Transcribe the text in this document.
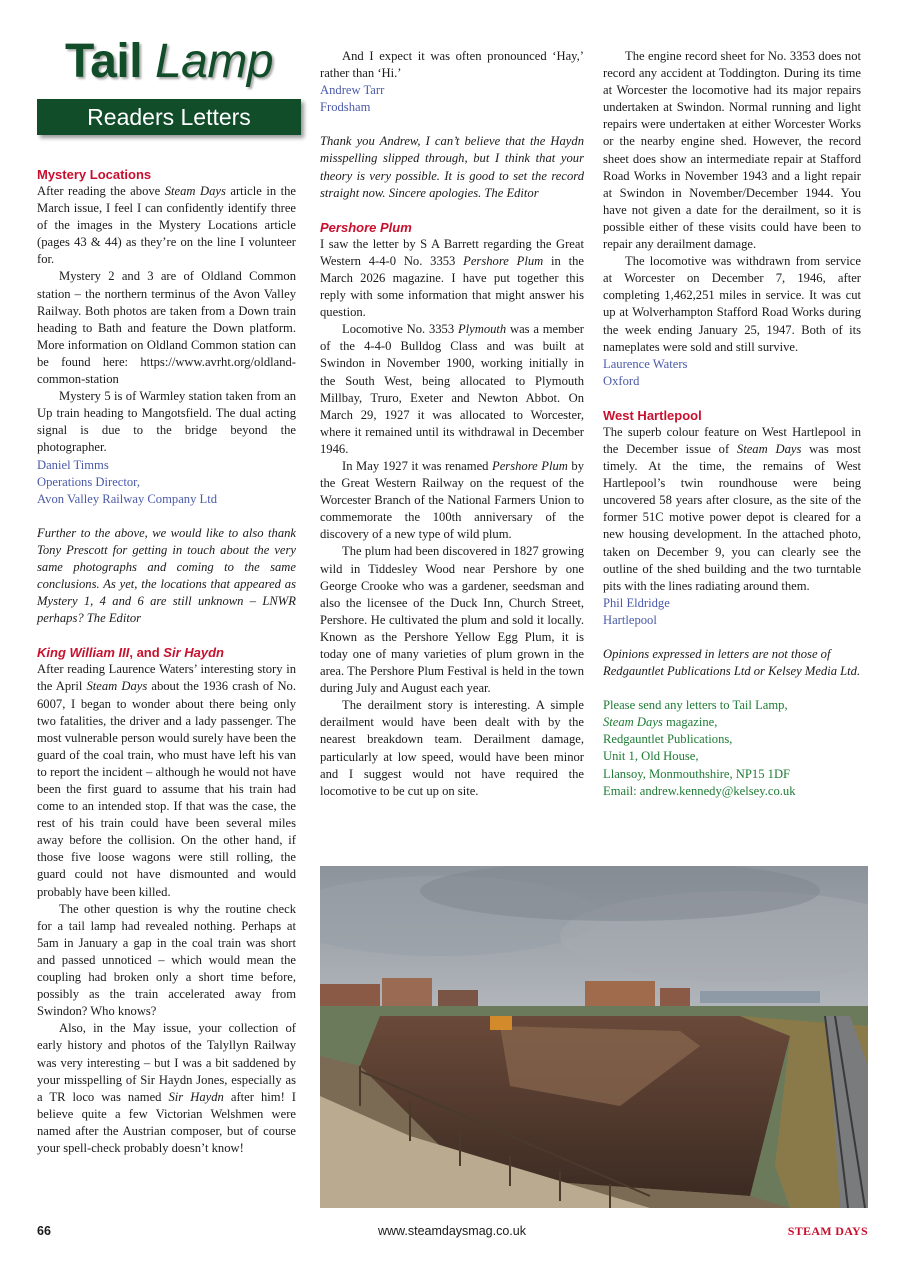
Tail Lamp
Readers Letters
Mystery Locations

After reading the above Steam Days article in the March issue, I feel I can confidently identify three of the images in the Mystery Locations article (pages 43 & 44) as they’re on the line I volunteer for.

Mystery 2 and 3 are of Oldland Common station – the northern terminus of the Avon Valley Railway. Both photos are taken from a Down train heading to Bath and feature the Down platform. More information on Oldland Common station can be found here: https://www.avrht.org/oldland-common-station

Mystery 5 is of Warmley station taken from an Up train heading to Mangotsfield. The dual acting signal is due to the bridge beyond the photographer.

Daniel Timms

Operations Director,

Avon Valley Railway Company Ltd

Further to the above, we would like to also thank Tony Prescott for getting in touch about the very same photographs and coming to the same conclusions. As yet, the locations that appeared as Mystery 1, 4 and 6 are still unknown – LNWR perhaps? The Editor

King William III, and Sir Haydn

After reading Laurence Waters’ interesting story in the April Steam Days about the 1936 crash of No. 6007, I began to wonder about there being only two fatalities, the driver and a lady passenger. The most vulnerable person would surely have been the guard of the coal train, who must have left his van to report the incident – although he would not have been the first guard to assume that his train had come to an intended stop. If that was the case, the rest of his train could have been several miles away before the collision. On the other hand, if those five loose wagons were still rolling, the guard could not have dismounted and would probably have been killed.

The other question is why the routine check for a tail lamp had revealed nothing. Perhaps at 5am in January a gap in the coal train was short and passed unnoticed – which would mean the coupling had broken only a short time before, possibly as the train accelerated away from Swindon? Who knows?

Also, in the May issue, your collection of early history and photos of the Talyllyn Railway was very interesting – but I was a bit saddened by your misspelling of Sir Haydn Jones, especially as a TR loco was named Sir Haydn after him! I believe quite a few Victorian Welshmen were named after the Austrian composer, but of course your spell-check probably doesn’t know!

And I expect it was often pronounced ‘Hay,’ rather than ‘Hi.’

Andrew Tarr

Frodsham

Thank you Andrew, I can’t believe that the Haydn misspelling slipped through, but I think that your theory is very possible. It is good to set the record straight now. Sincere apologies. The Editor

Pershore Plum

I saw the letter by S A Barrett regarding the Great Western 4-4-0 No. 3353 Pershore Plum in the March 2026 magazine. I have put together this reply with some information that might answer his question.

Locomotive No. 3353 Plymouth was a member of the 4-4-0 Bulldog Class and was built at Swindon in November 1900, working initially in the South West, being allocated to Plymouth Millbay, Truro, Exeter and Newton Abbot. On March 29, 1927 it was allocated to Worcester, where it remained until its withdrawal in December 1946.

In May 1927 it was renamed Pershore Plum by the Great Western Railway on the request of the Worcester Branch of the National Farmers Union to commemorate the 100th anniversary of the discovery of a new type of wild plum.

The plum had been discovered in 1827 growing wild in Tiddesley Wood near Pershore by one George Crooke who was a gardener, seedsman and also the licensee of the Duck Inn, Church Street, Pershore. He cultivated the plum and sold it locally. Known as the Pershore Yellow Egg Plum, it is today one of many varieties of plum grown in the area. The Pershore Plum Festival is held in the town during July and August each year.

The derailment story is interesting. A simple derailment would have been dealt with by the nearest breakdown team. Derailment damage, particularly at low speed, would have been minor and I suggest would not have required the locomotive to be cut up on site.

The engine record sheet for No. 3353 does not record any accident at Toddington. During its time at Worcester the locomotive had its major repairs undertaken at Swindon. Normal running and light repairs were undertaken at either Worcester Works or the nearby engine shed. However, the record sheet does show an intermediate repair at Stafford Road Works in November 1943 and a light repair at Swindon in November/December 1944. You have not given a date for the derailment, so it is possible either of these visits could have been to repair any derailment damage.

The locomotive was withdrawn from service at Worcester on December 7, 1946, after completing 1,462,251 miles in service. It was cut up at Wolverhampton Stafford Road Works during the week ending January 25, 1947. Both of its nameplates were sold and still survive.

Laurence Waters

Oxford

West Hartlepool

The superb colour feature on West Hartlepool in the December issue of Steam Days was most timely. At the time, the remains of West Hartlepool’s twin roundhouse were being uncovered 58 years after closure, as the site of the former 51C motive power depot is cleared for a new housing development. In the attached photo, taken on December 9, you can clearly see the outline of the shed building and the two turntable pits with the lines radiating around them.

Phil Eldridge

Hartlepool

Opinions expressed in letters are not those of Redgauntlet Publications Ltd or Kelsey Media Ltd.

Please send any letters to Tail Lamp,

Steam Days magazine,

Redgauntlet Publications,

Unit 1, Old House,

Llansoy, Monmouthshire, NP15 1DF

Email: andrew.kennedy@kelsey.co.uk

66	www.steamdaysmag.co.uk	STEAM DAYS
